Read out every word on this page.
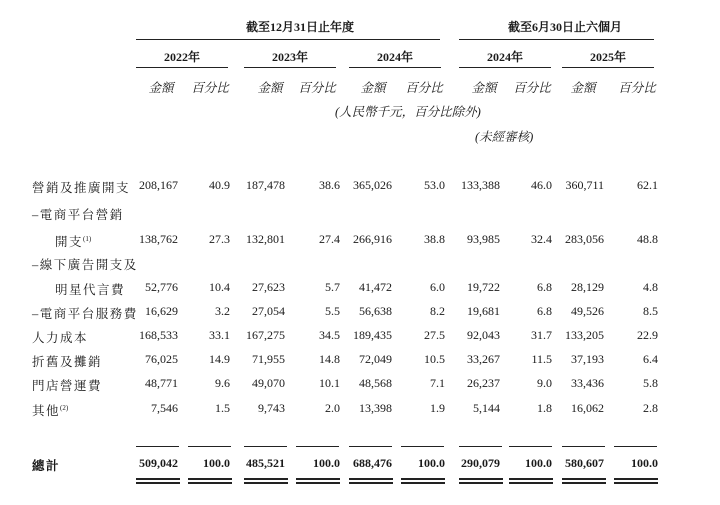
截至12月31日止年度	截至6月30日止六個月
2022年	2023年	2024年	2024年	2025年
金額	百分比	金額	百分比	金額	百分比	金額	百分比	金額	百分比
(人民幣千元，百分比除外)
(未經審核)
營銷及推廣開支 208,167	40.9	187,478	38.6	365,026	53.0	133,388	46.0	360,711	62.1
–電商平台營銷
開支$^{(1)}$	138,762	27.3	132,801	27.4	266,916	38.8	93,985	32.4	283,056	48.8
–線下廣告開支及
明星代言費	52,776	10.4	27,623	5.7	41,472	6.0	19,722	6.8	28,129	4.8
–電商平台服務費 16,629	3.2	27,054	5.5	56,638	8.2	19,681	6.8	49,526	8.5
人力成本	168,533	33.1	167,275	34.5	189,435	27.5	92,043	31.7	133,205	22.9
折舊及攤銷	76,025	14.9	71,955	14.8	72,049	10.5	33,267	11.5	37,193	6.4
門店營運費	48,771	9.6	49,070	10.1	48,568	7.1	26,237	9.0	33,436	5.8
其他$^{(2)}$	7,546	1.5	9,743	2.0	13,398	1.9	5,144	1.8	16,062	2.8
總計	509,042	100.0	485,521	100.0	688,476	100.0	290,079	100.0	580,607	100.0
